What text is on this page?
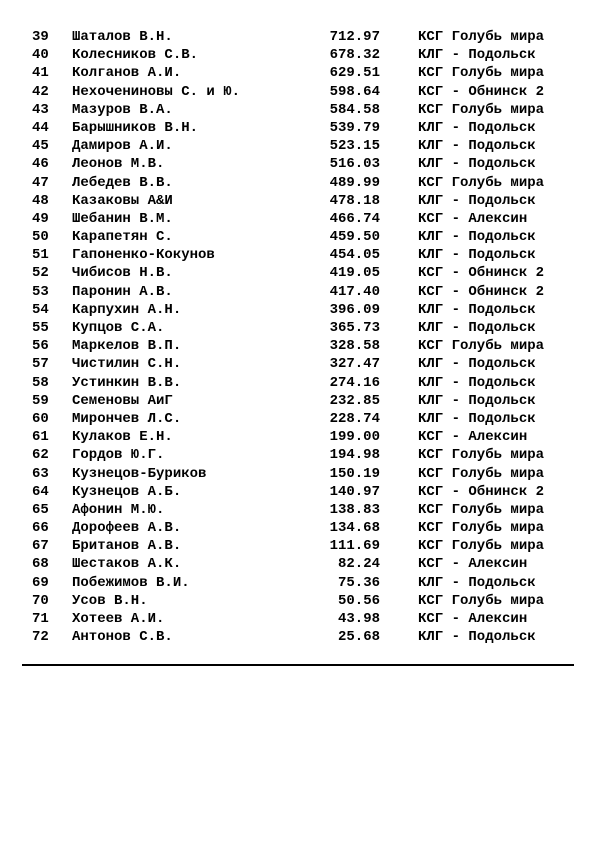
39 Шаталов В.Н.	712.97	КСГ Голубь мира
40 Колесников С.В.	678.32	КЛГ - Подольск
41 Колганов А.И.	629.51	КСГ Голубь мира
42 Нехочениновы С. и Ю.	598.64	КСГ - Обнинск 2
43 Мазуров В.А.	584.58	КСГ Голубь мира
44 Барышников В.Н.	539.79	КЛГ - Подольск
45 Дамиров А.И.	523.15	КЛГ - Подольск
46 Леонов М.В.	516.03	КЛГ - Подольск
47 Лебедев В.В.	489.99	КСГ Голубь мира
48 Казаковы А&И	478.18	КЛГ - Подольск
49 Шебанин В.М.	466.74	КСГ - Алексин
50 Карапетян С.	459.50	КЛГ - Подольск
51 Гапоненко-Кокунов	454.05	КЛГ - Подольск
52 Чибисов Н.В.	419.05	КСГ - Обнинск 2
53 Паронин А.В.	417.40	КСГ - Обнинск 2
54 Карпухин А.Н.	396.09	КЛГ - Подольск
55 Купцов С.А.	365.73	КЛГ - Подольск
56 Маркелов В.П.	328.58	КСГ Голубь мира
57 Чистилин С.Н.	327.47	КЛГ - Подольск
58 Устинкин В.В.	274.16	КЛГ - Подольск
59 Семеновы АиГ	232.85	КЛГ - Подольск
60 Мирончев Л.С.	228.74	КЛГ - Подольск
61 Кулаков Е.Н.	199.00	КСГ - Алексин
62 Гордов Ю.Г.	194.98	КСГ Голубь мира
63 Кузнецов-Буриков	150.19	КСГ Голубь мира
64 Кузнецов А.Б.	140.97	КСГ - Обнинск 2
65 Афонин М.Ю.	138.83	КСГ Голубь мира
66 Дорофеев А.В.	134.68	КСГ Голубь мира
67 Британов А.В.	111.69	КСГ Голубь мира
68 Шестаков А.К.	82.24	КСГ - Алексин
69 Побежимов В.И.	75.36	КЛГ - Подольск
70 Усов В.Н.	50.56	КСГ Голубь мира
71 Хотеев А.И.	43.98	КСГ - Алексин
72 Антонов С.В.	25.68	КЛГ - Подольск
